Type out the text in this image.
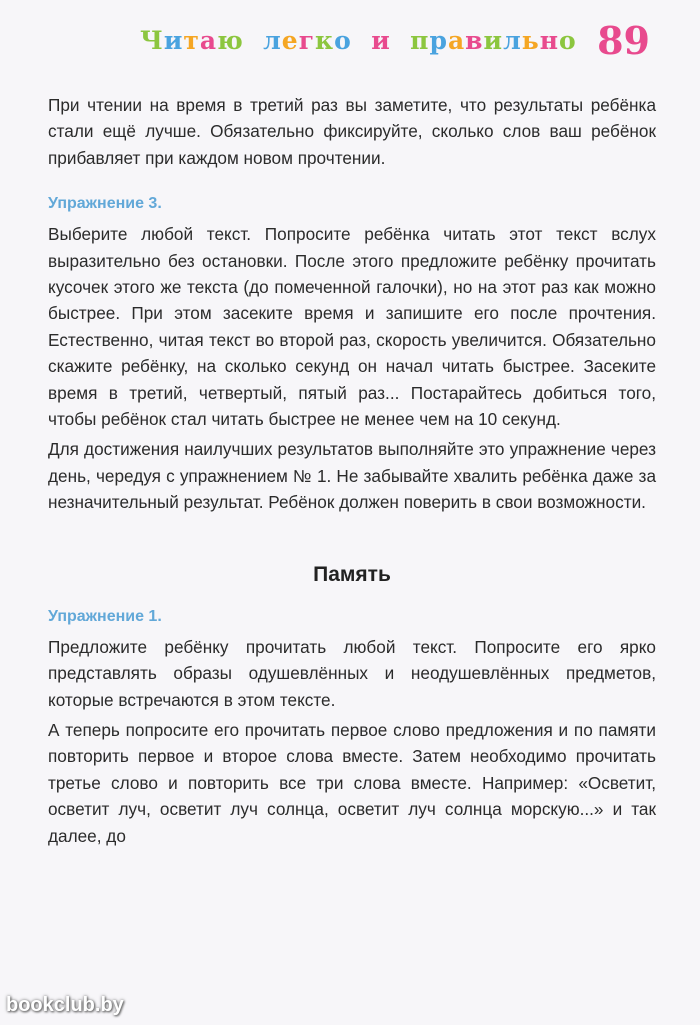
Читаю легко и правильно 89

При чтении на время в третий раз вы заметите, что результаты ребёнка стали ещё лучше. Обязательно фиксируйте, сколько слов ваш ребёнок прибавляет при каждом новом прочтении.

Упражнение 3.

Выберите любой текст. Попросите ребёнка читать этот текст вслух выразительно без остановки. После этого предложите ребёнку прочитать кусочек этого же текста (до помеченной галочки), но на этот раз как можно быстрее. При этом засеките время и запишите его после прочтения. Естественно, читая текст во второй раз, скорость увеличится. Обязательно скажите ребёнку, на сколько секунд он начал читать быстрее. Засеките время в третий, четвертый, пятый раз... Постарайтесь добиться того, чтобы ребёнок стал читать быстрее не менее чем на 10 секунд.

Для достижения наилучших результатов выполняйте это упражнение через день, чередуя с упражнением № 1. Не забывайте хвалить ребёнка даже за незначительный результат. Ребёнок должен поверить в свои возможности.

Память

Упражнение 1.

Предложите ребёнку прочитать любой текст. Попросите его ярко представлять образы одушевлённых и неодушевлённых предметов, которые встречаются в этом тексте.

А теперь попросите его прочитать первое слово предложения и по памяти повторить первое и второе слова вместе. Затем необходимо прочитать третье слово и повторить все три слова вместе. Например: «Осветит, осветит луч, осветит луч солнца, осветит луч солнца морскую...» и так далее, до

bookclub.by
